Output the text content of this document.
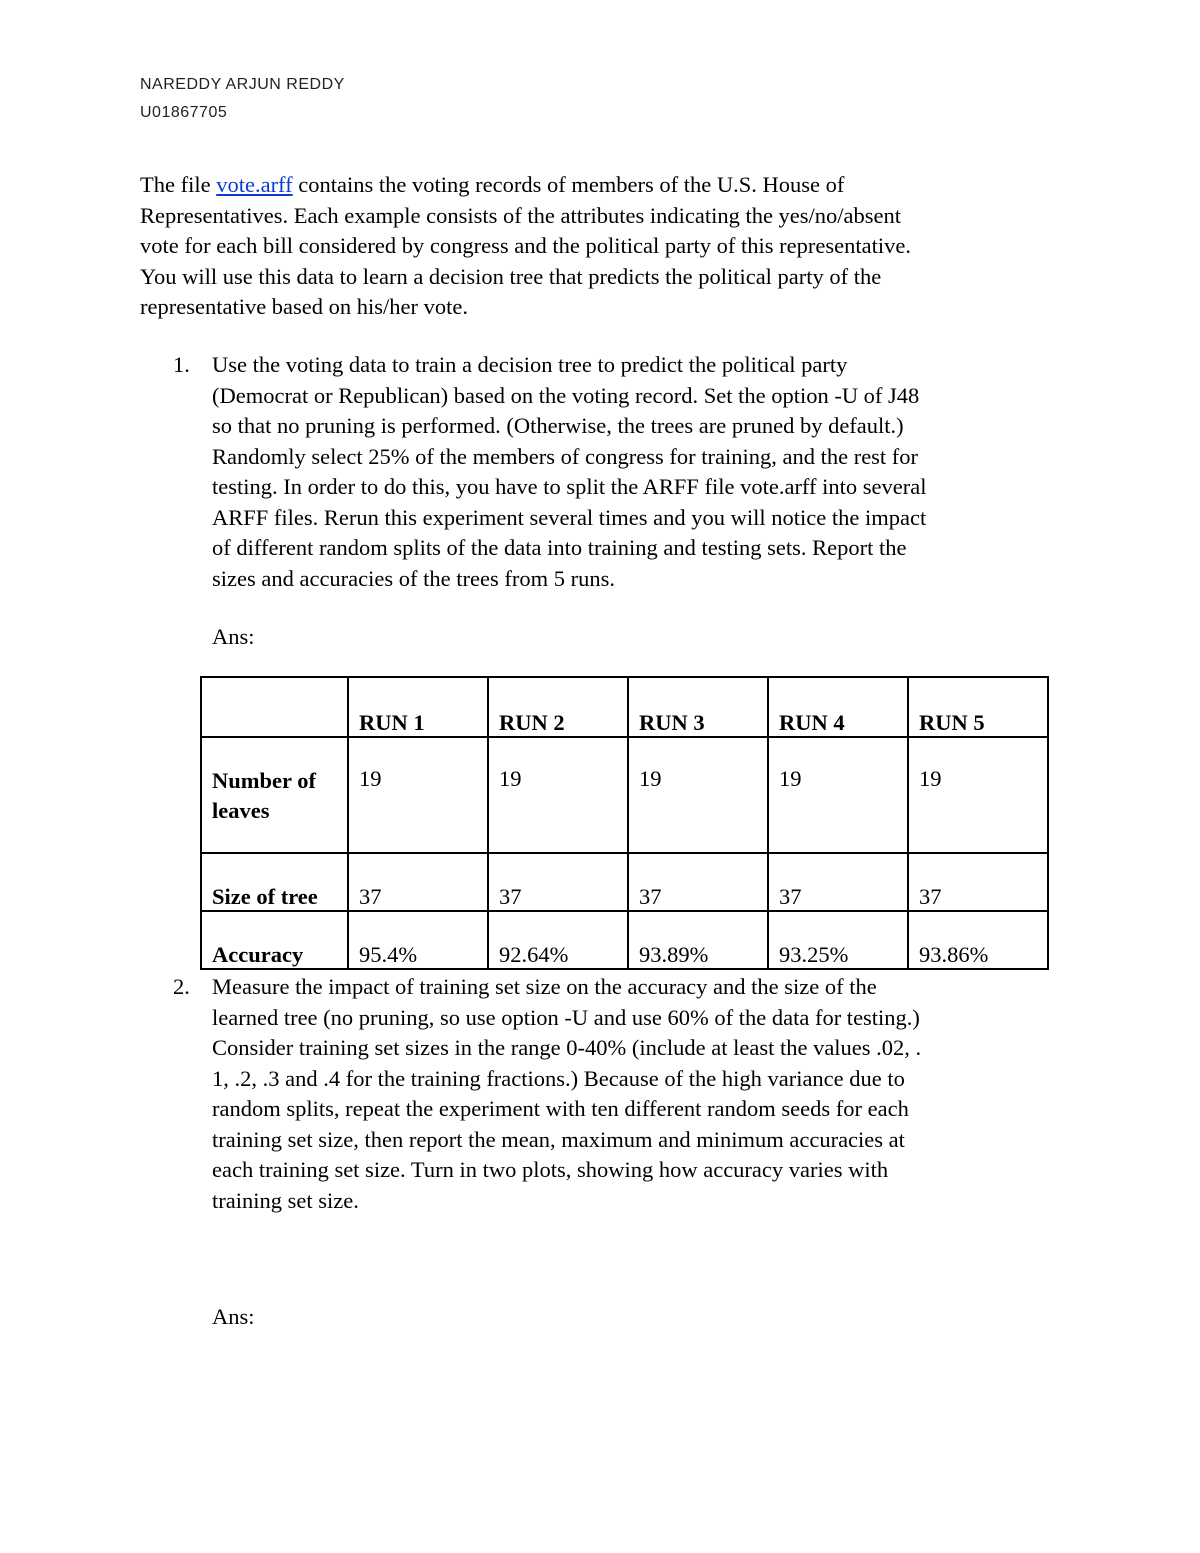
NAREDDY ARJUN REDDY
U01867705
The file vote.arff contains the voting records of members of the U.S. House of
Representatives. Each example consists of the attributes indicating the yes/no/absent
vote for each bill considered by congress and the political party of this representative.
You will use this data to learn a decision tree that predicts the political party of the
representative based on his/her vote.
1. Use the voting data to train a decision tree to predict the political party
(Democrat or Republican) based on the voting record. Set the option -U of J48
so that no pruning is performed. (Otherwise, the trees are pruned by default.)
Randomly select 25% of the members of congress for training, and the rest for
testing. In order to do this, you have to split the ARFF file vote.arff into several
ARFF files. Rerun this experiment several times and you will notice the impact
of different random splits of the data into training and testing sets. Report the
sizes and accuracies of the trees from 5 runs.
Ans:
	RUN 1	RUN 2	RUN 3	RUN 4	RUN 5

Number of
leaves	19	19	19	19	19
Size of tree	37	37	37	37	37
Accuracy	95.4%	92.64%	93.89%	93.25%	93.86%
2. Measure the impact of training set size on the accuracy and the size of the
learned tree (no pruning, so use option -U and use 60% of the data for testing.)
Consider training set sizes in the range 0-40% (include at least the values .02, .
1, .2, .3 and .4 for the training fractions.) Because of the high variance due to
random splits, repeat the experiment with ten different random seeds for each
training set size, then report the mean, maximum and minimum accuracies at
each training set size. Turn in two plots, showing how accuracy varies with
training set size.
Ans:
